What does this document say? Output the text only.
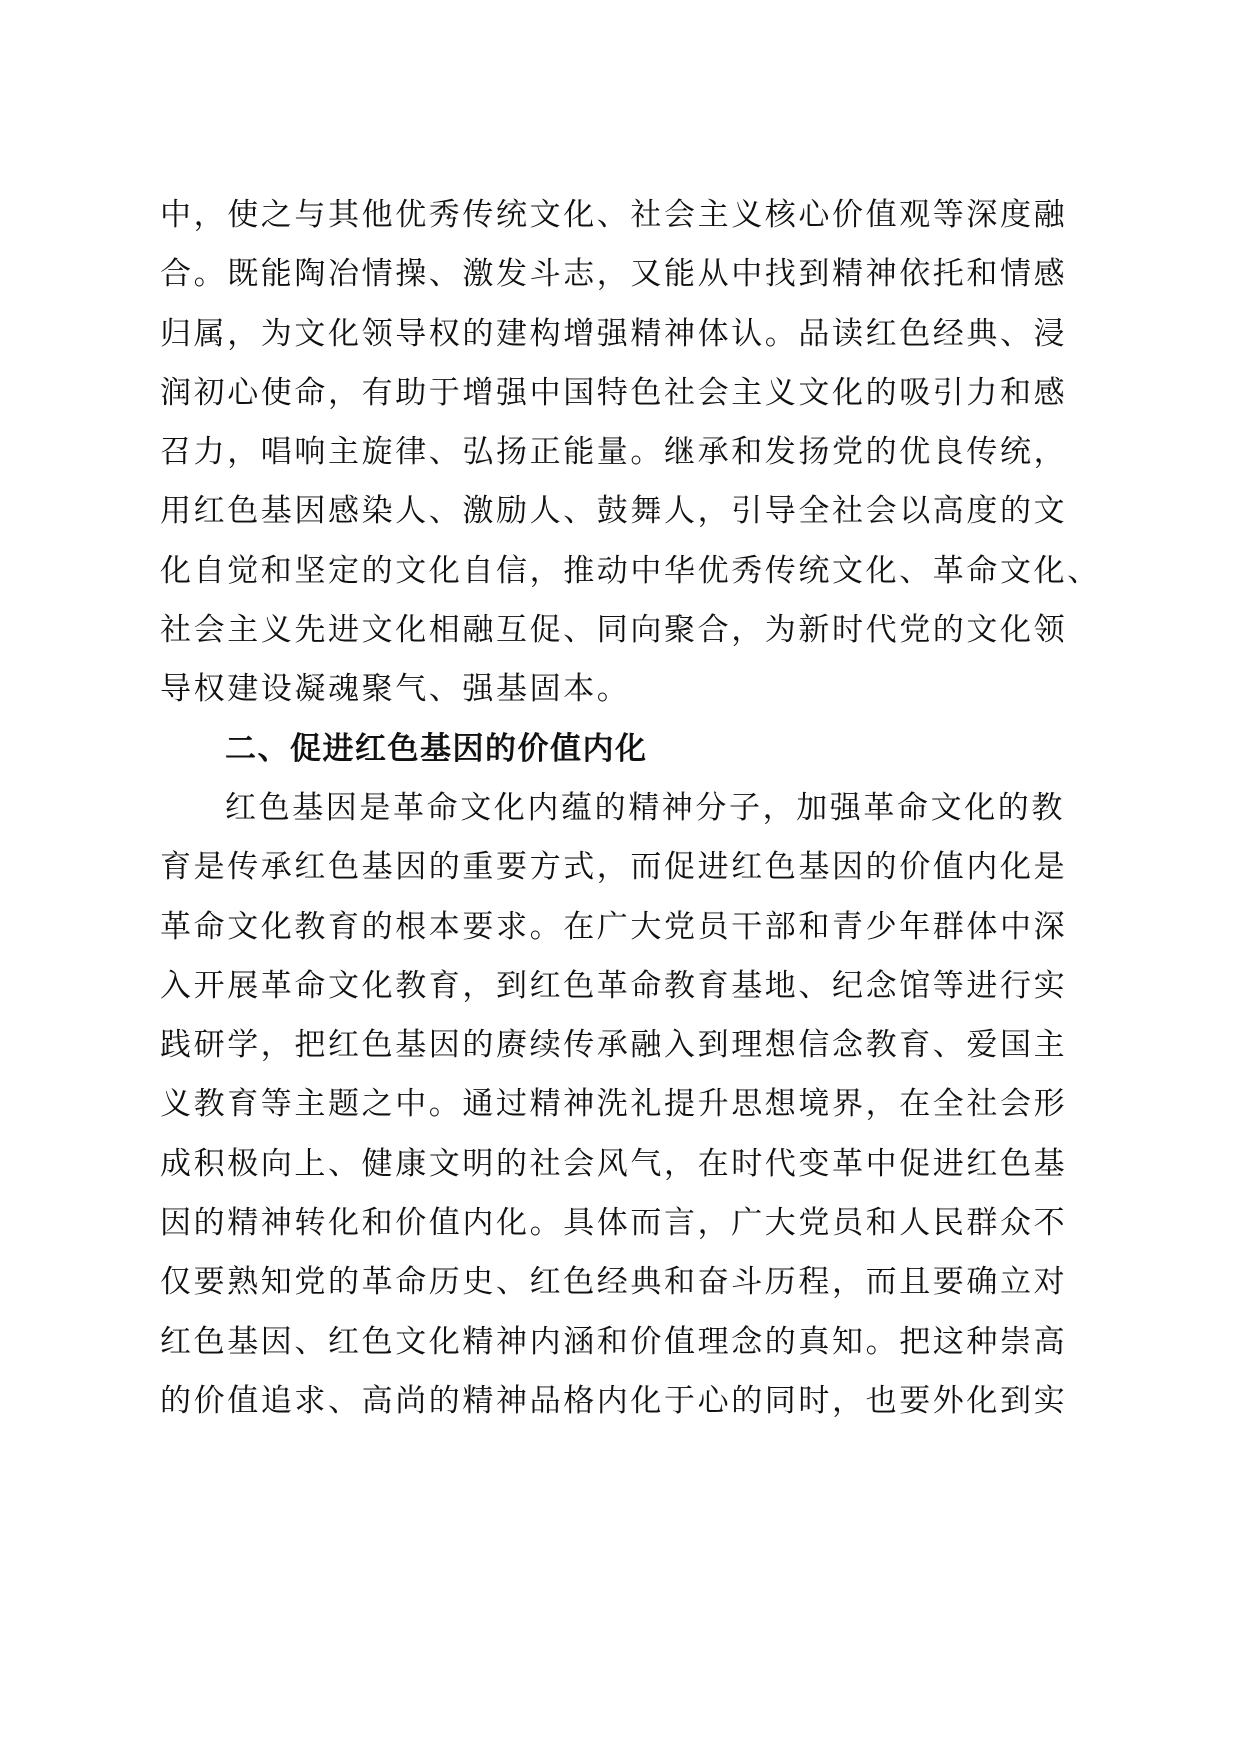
中，使之与其他优秀传统文化、社会主义核心价值观等深度融
合。既能陶冶情操、激发斗志，又能从中找到精神依托和情感
归属，为文化领导权的建构增强精神体认。品读红色经典、浸
润初心使命，有助于增强中国特色社会主义文化的吸引力和感
召力，唱响主旋律、弘扬正能量。继承和发扬党的优良传统，
用红色基因感染人、激励人、鼓舞人，引导全社会以高度的文
化自觉和坚定的文化自信，推动中华优秀传统文化、革命文化、
社会主义先进文化相融互促、同向聚合，为新时代党的文化领
导权建设凝魂聚气、强基固本。
二、促进红色基因的价值内化
红色基因是革命文化内蕴的精神分子，加强革命文化的教
育是传承红色基因的重要方式，而促进红色基因的价值内化是
革命文化教育的根本要求。在广大党员干部和青少年群体中深
入开展革命文化教育，到红色革命教育基地、纪念馆等进行实
践研学，把红色基因的赓续传承融入到理想信念教育、爱国主
义教育等主题之中。通过精神洗礼提升思想境界，在全社会形
成积极向上、健康文明的社会风气，在时代变革中促进红色基
因的精神转化和价值内化。具体而言，广大党员和人民群众不
仅要熟知党的革命历史、红色经典和奋斗历程，而且要确立对
红色基因、红色文化精神内涵和价值理念的真知。把这种崇高
的价值追求、高尚的精神品格内化于心的同时，也要外化到实
